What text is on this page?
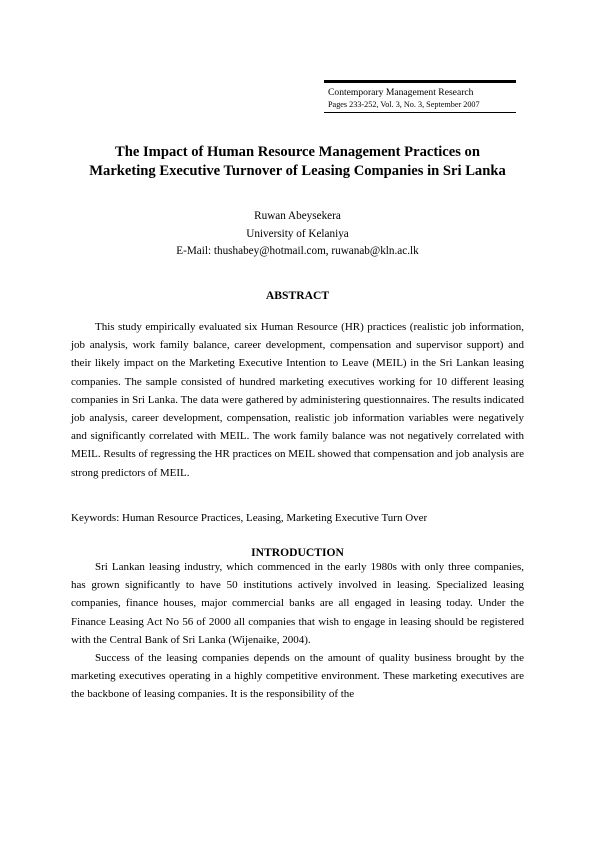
Contemporary Management Research
Pages 233-252, Vol. 3, No. 3, September 2007
The Impact of Human Resource Management Practices on
Marketing Executive Turnover of Leasing Companies in Sri Lanka
Ruwan Abeysekera
University of Kelaniya
E-Mail: thushabey@hotmail.com, ruwanab@kln.ac.lk
ABSTRACT

This study empirically evaluated six Human Resource (HR) practices (realistic job information, job analysis, work family balance, career development, compensation and supervisor support) and their likely impact on the Marketing Executive Intention to Leave (MEIL) in the Sri Lankan leasing companies. The sample consisted of hundred marketing executives working for 10 different leasing companies in Sri Lanka. The data were gathered by administering questionnaires. The results indicated job analysis, career development, compensation, realistic job information variables were negatively and significantly correlated with MEIL. The work family balance was not negatively correlated with MEIL. Results of regressing the HR practices on MEIL showed that compensation and job analysis are strong predictors of MEIL.

Keywords: Human Resource Practices, Leasing, Marketing Executive Turn Over
INTRODUCTION

Sri Lankan leasing industry, which commenced in the early 1980s with only three companies, has grown significantly to have 50 institutions actively involved in leasing. Specialized leasing companies, finance houses, major commercial banks are all engaged in leasing today. Under the Finance Leasing Act No 56 of 2000 all companies that wish to engage in leasing should be registered with the Central Bank of Sri Lanka (Wijenaike, 2004).

Success of the leasing companies depends on the amount of quality business brought by the marketing executives operating in a highly competitive environment. These marketing executives are the backbone of leasing companies. It is the responsibility of the
